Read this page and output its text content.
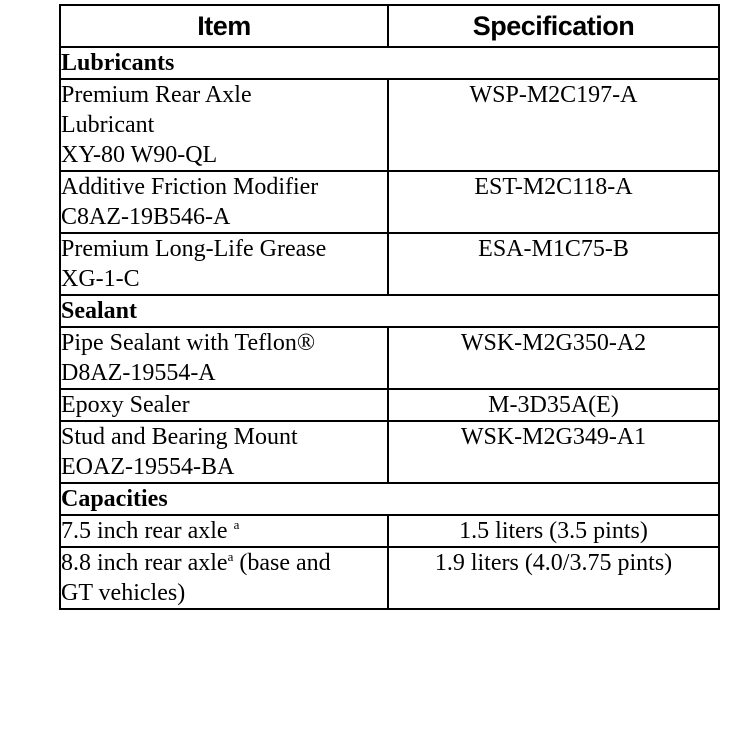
Item	Specification
Lubricants	

Premium Rear Axle
Lubricant
XY-80 W90-QL	WSP-M2C197-A

Additive Friction Modifier
C8AZ-19B546-A	EST-M2C118-A

Premium Long-Life Grease
XG-1-C	ESA-M1C75-B
Sealant	

Pipe Sealant with Teflon®
D8AZ-19554-A	WSK-M2G350-A2

Epoxy Sealer	M-3D35A(E)

Stud and Bearing Mount
EOAZ-19554-BA	WSK-M2G349-A1
Capacities	

7.5 inch rear axle $^a$	1.5 liters (3.5 pints)

8.8 inch rear axle$^a$ (base and
GT vehicles)	1.9 liters (4.0/3.75 pints)
